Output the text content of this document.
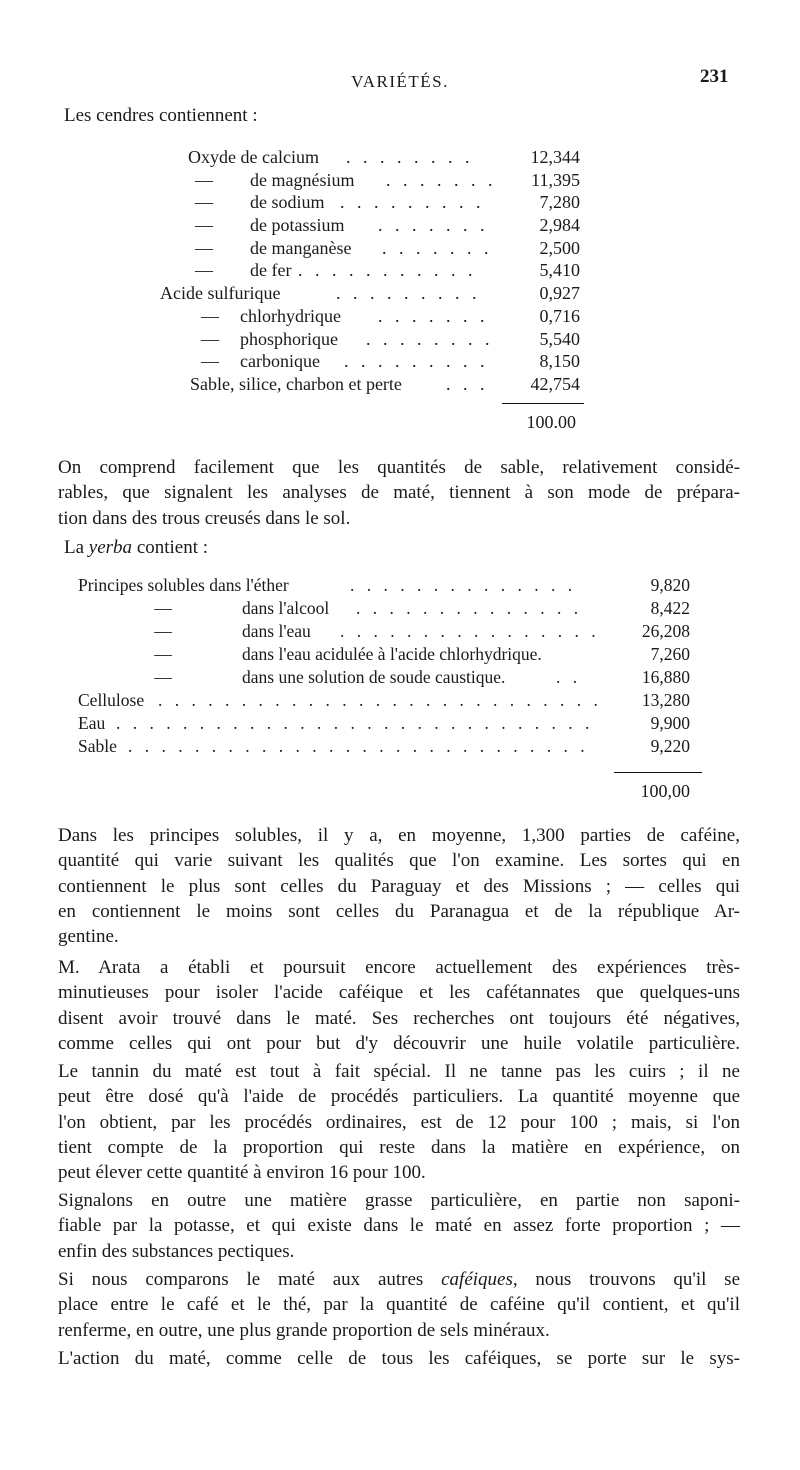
VARIÉTÉS.	231
Les cendres contiennent :
Oxyde de calcium . . . . . . . .	12,344
— de magnésium . . . . . . . 11,395
— de sodium . . . . . . . . .	7,280
— de potassium . . . . . . .	2,984
— de manganèse . . . . . . .	2,500
— de fer . . . . . . . . . . .	5,410
Acide sulfurique	. . . . . . . . .	0,927
— chlorhydrique . . . . . . .	0,716
— phosphorique . . . . . . . .	5,540
— carbonique . . . . . . . . .	8,150
Sable, silice, charbon et perte . . . 42,754
100.00
On comprend facilement que les quantités de sable, relativement considé-
rables, que signalent les analyses de maté, tiennent à son mode de prépara-
tion dans des trous creusés dans le sol.
La yerba contient :
Principes solubles dans l'éther	. . . . . . . . . . . . . .	9,820
—	dans l'alcool . . . . . . . . . . . . . .	8,422
—	dans l'eau . . . . . . . . . . . . . . . . 26,208
—	dans l'eau acidulée à l'acide chlorhydrique.	7,260
—	dans une solution de soude caustique.	. .	16,880
Cellulose . . . . . . . . . . . . . . . . . . . . . . . . . . . 13,280
Eau . . . . . . . . . . . . . . . . . . . . . . . . . . . . .	9,900
Sable . . . . . . . . . . . . . . . . . . . . . . . . . . . .	9,220
100,00
Dans les principes solubles, il y a, en moyenne, 1,300 parties de caféine,
quantité qui varie suivant les qualités que l'on examine. Les sortes qui en
contiennent le plus sont celles du Paraguay et des Missions ; — celles qui
en contiennent le moins sont celles du Paranagua et de la république Ar-
gentine.
M. Arata a établi et poursuit encore actuellement des expériences très-
minutieuses pour isoler l'acide caféique et les cafétannates que quelques-uns
disent avoir trouvé dans le maté. Ses recherches ont toujours été négatives,
comme celles qui ont pour but d'y découvrir une huile volatile particulière.
Le tannin du maté est tout à fait spécial. Il ne tanne pas les cuirs ; il ne
peut être dosé qu'à l'aide de procédés particuliers. La quantité moyenne que
l'on obtient, par les procédés ordinaires, est de 12 pour 100 ; mais, si l'on
tient compte de la proportion qui reste dans la matière en expérience, on
peut élever cette quantité à environ 16 pour 100.
Signalons en outre une matière grasse particulière, en partie non saponi-
fiable par la potasse, et qui existe dans le maté en assez forte proportion ; —
enfin des substances pectiques.
Si nous comparons le maté aux autres caféiques, nous trouvons qu'il se
place entre le café et le thé, par la quantité de caféine qu'il contient, et qu'il
renferme, en outre, une plus grande proportion de sels minéraux.
L'action du maté, comme celle de tous les caféiques, se porte sur le sys-
